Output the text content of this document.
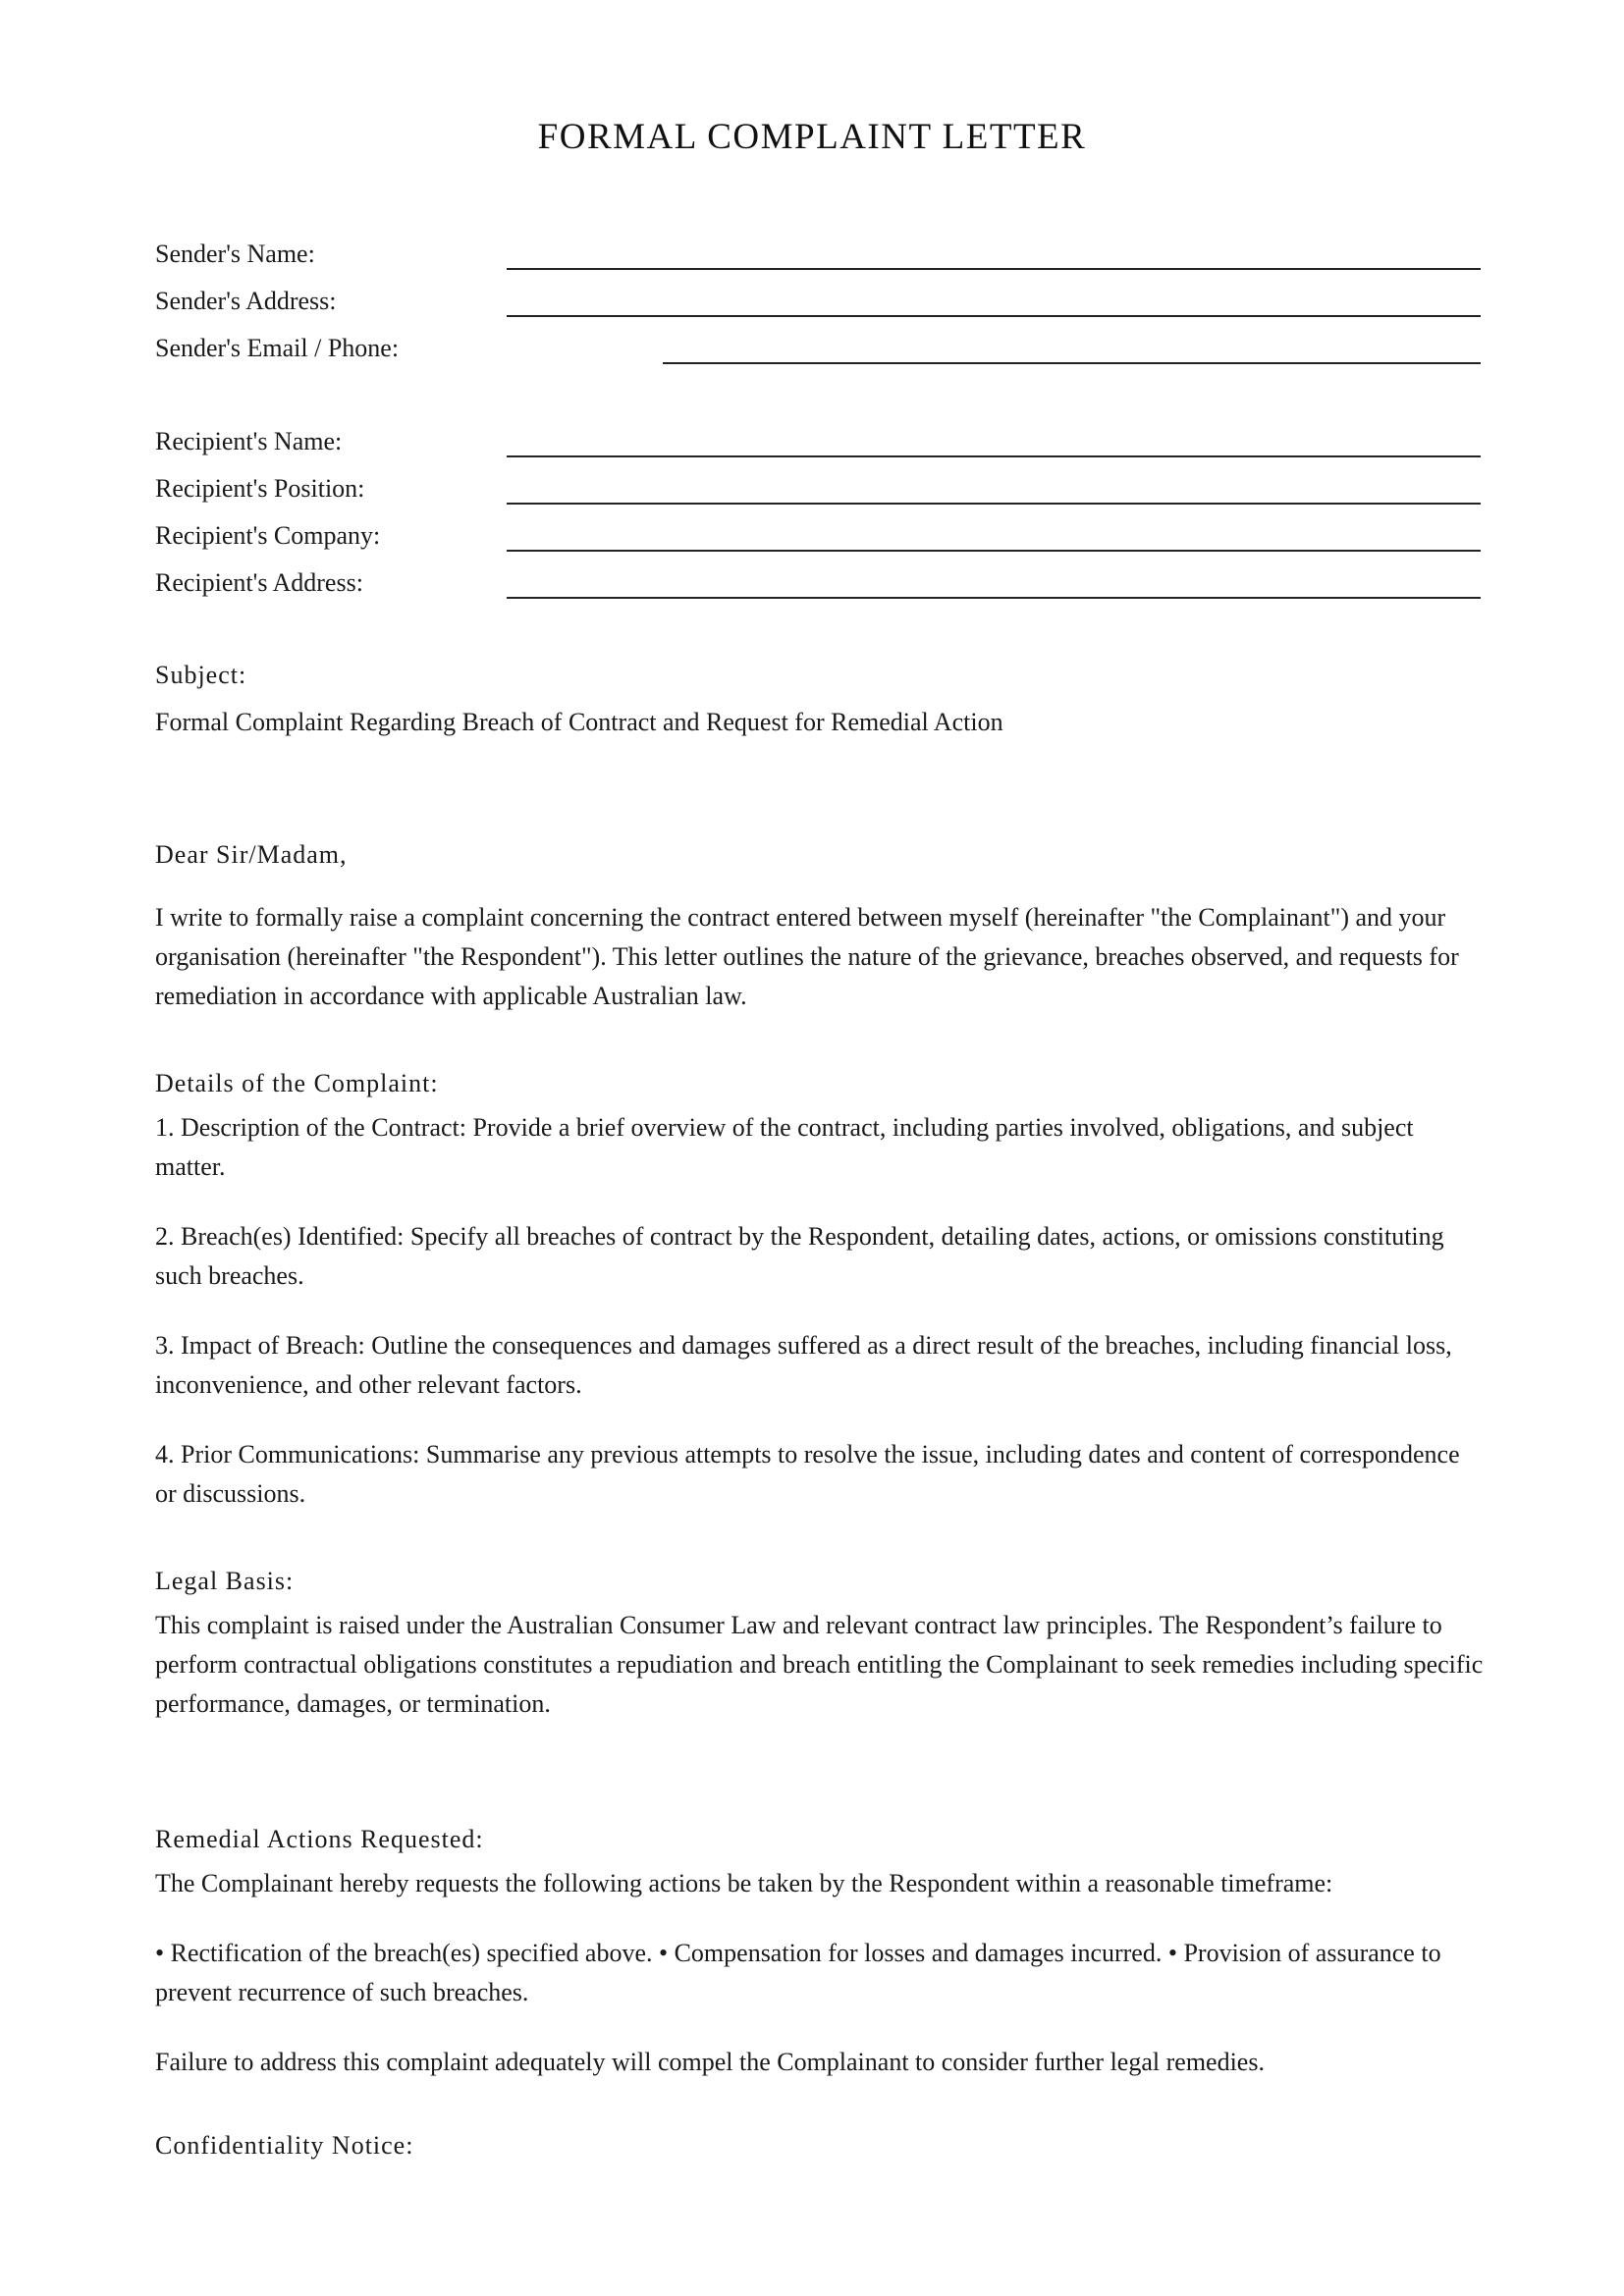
FORMAL COMPLAINT LETTER
Sender's Name:
Sender's Address:
Sender's Email / Phone:
Recipient's Name:
Recipient's Position:
Recipient's Company:
Recipient's Address:
Subject:

Formal Complaint Regarding Breach of Contract and Request for Remedial Action

Dear Sir/Madam,

I write to formally raise a complaint concerning the contract entered between myself (hereinafter "the Complainant") and your organisation (hereinafter "the Respondent"). This letter outlines the nature of the grievance, breaches observed, and requests for remediation in accordance with applicable Australian law.

Details of the Complaint:

1. Description of the Contract: Provide a brief overview of the contract, including parties involved, obligations, and subject matter.

2. Breach(es) Identified: Specify all breaches of contract by the Respondent, detailing dates, actions, or omissions constituting such breaches.

3. Impact of Breach: Outline the consequences and damages suffered as a direct result of the breaches, including financial loss, inconvenience, and other relevant factors.

4. Prior Communications: Summarise any previous attempts to resolve the issue, including dates and content of correspondence or discussions.

Legal Basis:

This complaint is raised under the Australian Consumer Law and relevant contract law principles. The Respondent’s failure to perform contractual obligations constitutes a repudiation and breach entitling the Complainant to seek remedies including specific performance, damages, or termination.

Remedial Actions Requested:

The Complainant hereby requests the following actions be taken by the Respondent within a reasonable timeframe:

• Rectification of the breach(es) specified above. • Compensation for losses and damages incurred. • Provision of assurance to prevent recurrence of such breaches.

Failure to address this complaint adequately will compel the Complainant to consider further legal remedies.

Confidentiality Notice:
